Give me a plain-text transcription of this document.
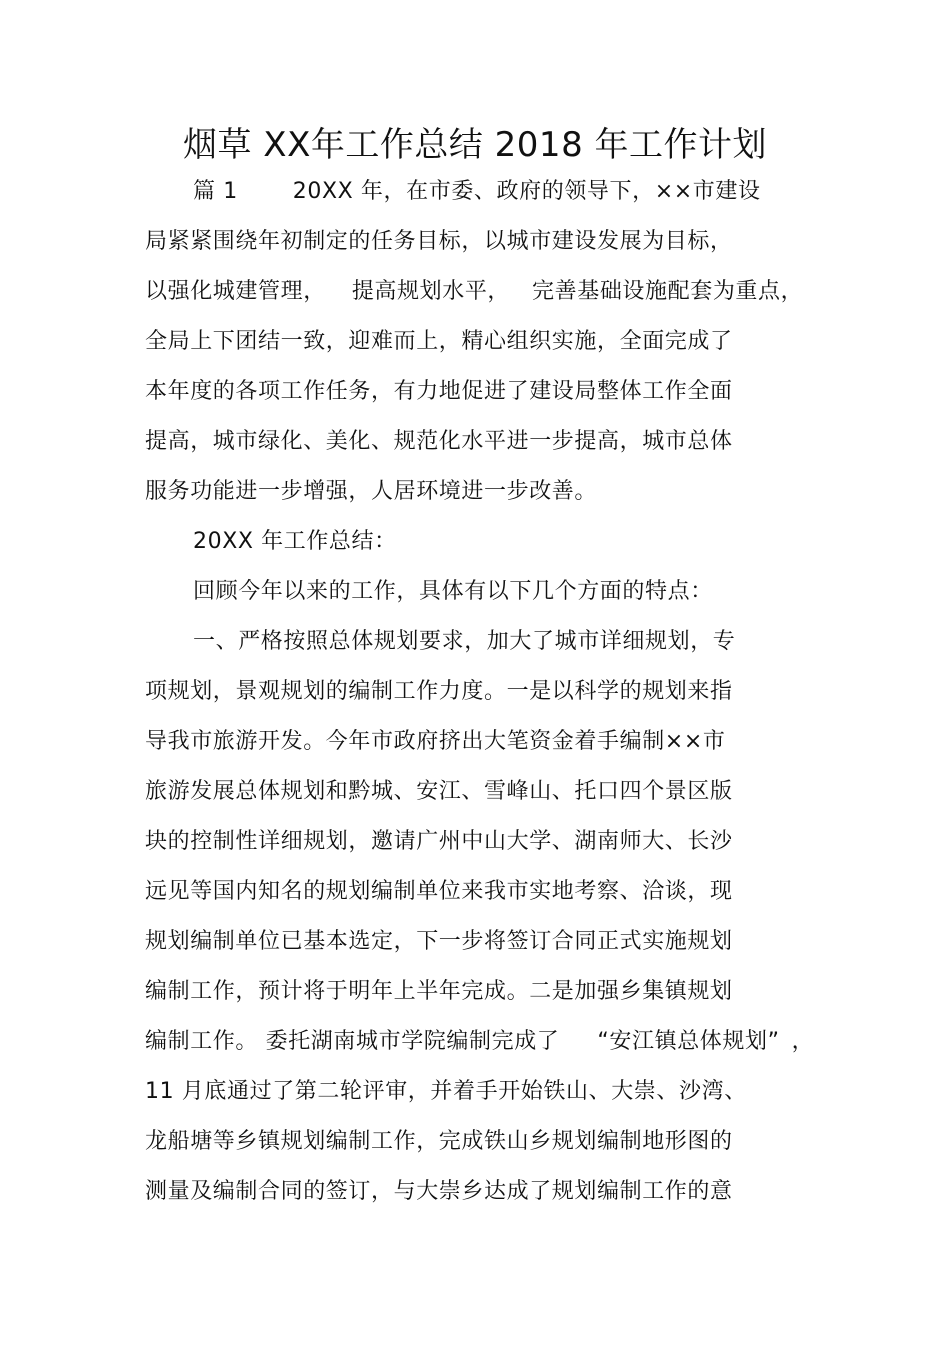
烟草 XX年工作总结 2018 年工作计划
篇 1	20XX 年，在市委、政府的领导下，××市建设
局紧紧围绕年初制定的任务目标，以城市建设发展为目标，
以强化城建管理， 提高规划水平， 完善基础设施配套为重点，
全局上下团结一致，迎难而上，精心组织实施，全面完成了
本年度的各项工作任务，有力地促进了建设局整体工作全面
提高，城市绿化、美化、规范化水平进一步提高，城市总体
服务功能进一步增强，人居环境进一步改善。
20XX 年工作总结：
回顾今年以来的工作，具体有以下几个方面的特点：
一、严格按照总体规划要求，加大了城市详细规划，专
项规划，景观规划的编制工作力度。一是以科学的规划来指
导我市旅游开发。今年市政府挤出大笔资金着手编制××市
旅游发展总体规划和黔城、安江、雪峰山、托口四个景区版
块的控制性详细规划，邀请广州中山大学、湖南师大、长沙
远见等国内知名的规划编制单位来我市实地考察、洽谈，现
规划编制单位已基本选定，下一步将签订合同正式实施规划
编制工作，预计将于明年上半年完成。二是加强乡集镇规划
编制工作。 委托湖南城市学院编制完成了 “安江镇总体规划” ，
11 月底通过了第二轮评审，并着手开始铁山、大崇、沙湾、
龙船塘等乡镇规划编制工作，完成铁山乡规划编制地形图的
测量及编制合同的签订，与大崇乡达成了规划编制工作的意
